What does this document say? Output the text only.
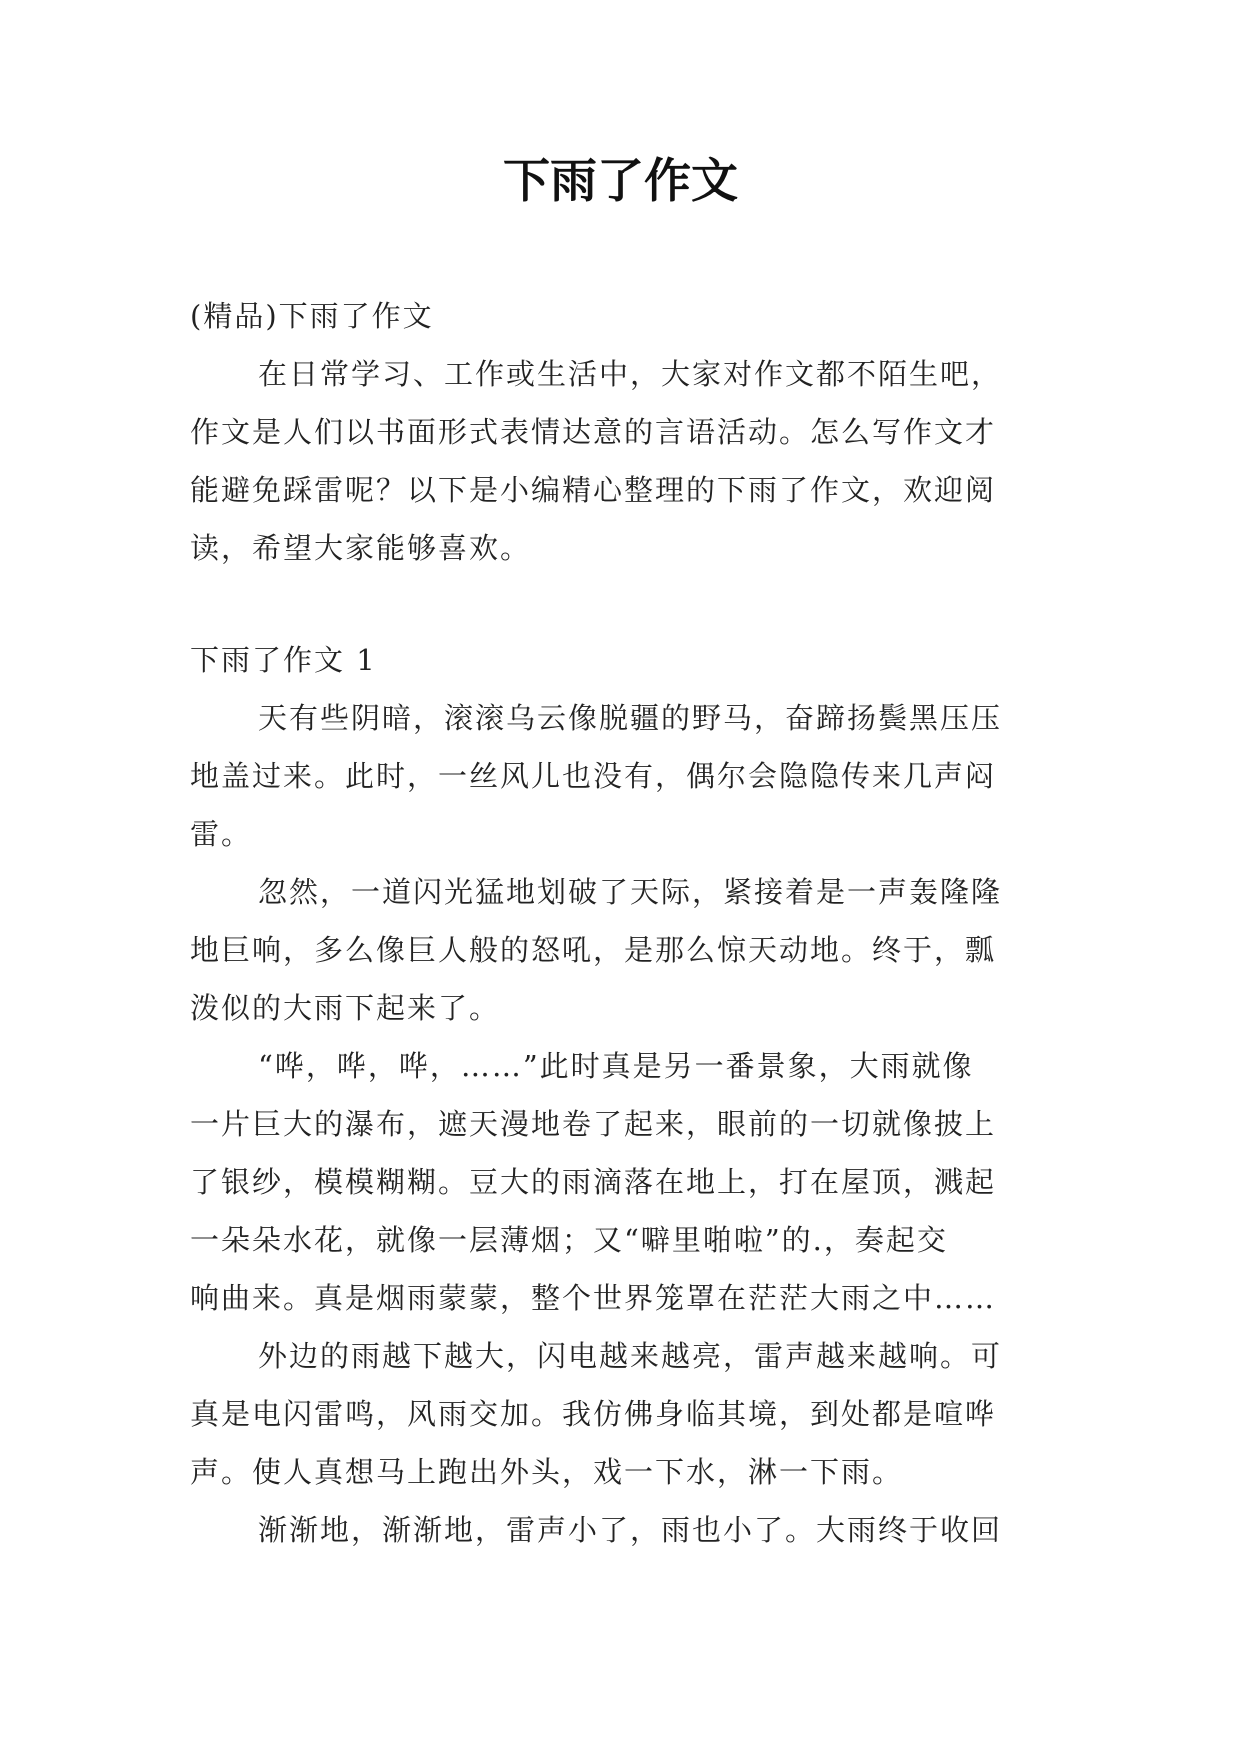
下雨了作文
(精品)下雨了作文
在日常学习、工作或生活中，大家对作文都不陌生吧，
作文是人们以书面形式表情达意的言语活动。怎么写作文才
能避免踩雷呢？以下是小编精心整理的下雨了作文，欢迎阅
读，希望大家能够喜欢。
下雨了作文 1
天有些阴暗，滚滚乌云像脱疆的野马，奋蹄扬鬓黑压压
地盖过来。此时，一丝风儿也没有，偶尔会隐隐传来几声闷
雷。
忽然，一道闪光猛地划破了天际，紧接着是一声轰隆隆
地巨响，多么像巨人般的怒吼，是那么惊天动地。终于，瓢
泼似的大雨下起来了。
“哗，哗，哗，……”此时真是另一番景象，大雨就像
一片巨大的瀑布，遮天漫地卷了起来，眼前的一切就像披上
了银纱，模模糊糊。豆大的雨滴落在地上，打在屋顶，溅起
一朵朵水花，就像一层薄烟；又“噼里啪啦”的.，奏起交
响曲来。真是烟雨蒙蒙，整个世界笼罩在茫茫大雨之中……
外边的雨越下越大，闪电越来越亮，雷声越来越响。可
真是电闪雷鸣，风雨交加。我仿佛身临其境，到处都是喧哗
声。使人真想马上跑出外头，戏一下水，淋一下雨。
渐渐地，渐渐地，雷声小了，雨也小了。大雨终于收回
